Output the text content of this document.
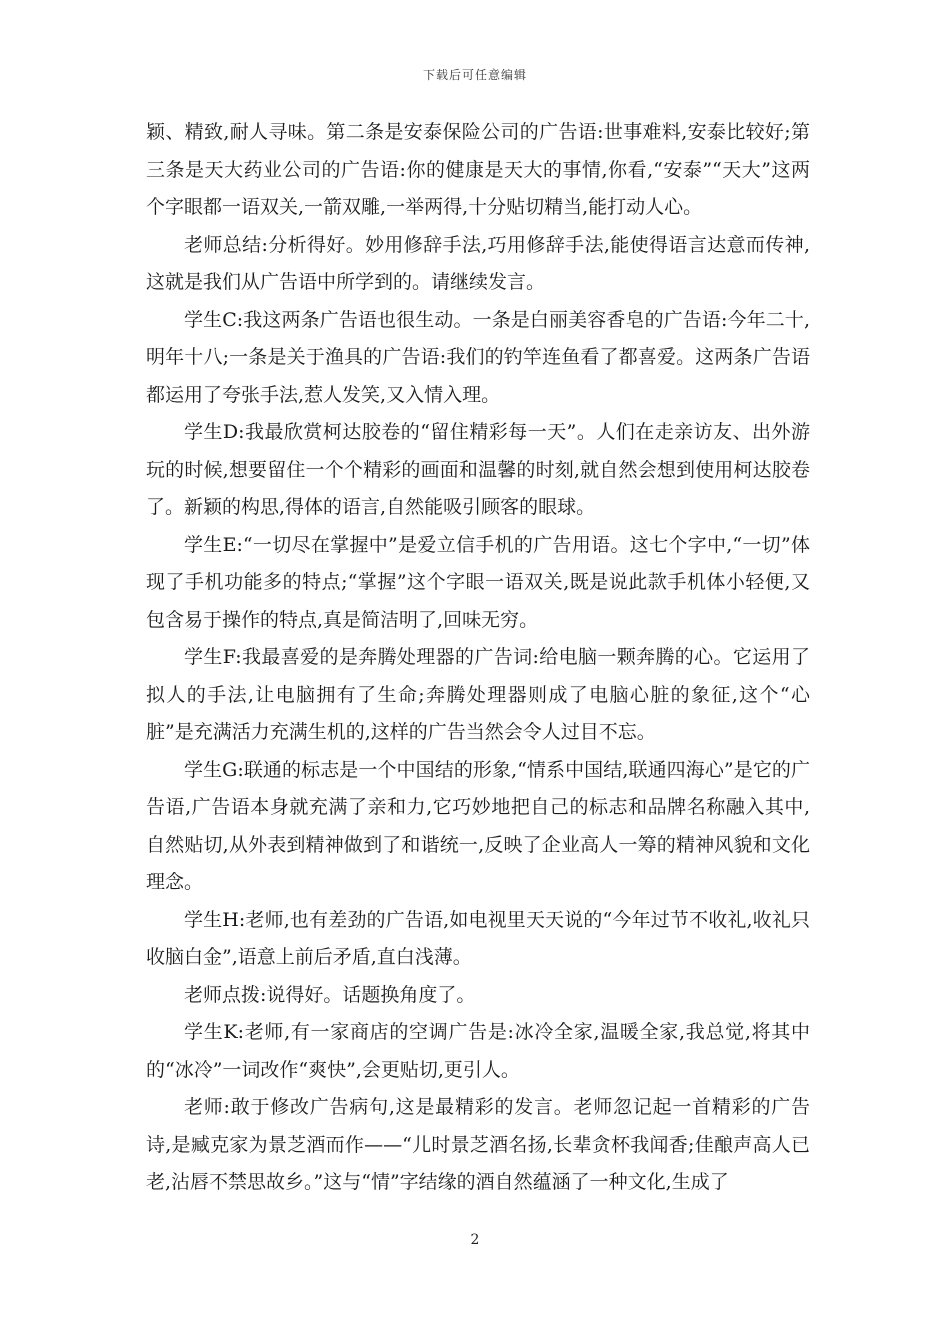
下载后可任意编辑

颖、精致,耐人寻味。第二条是安泰保险公司的广告语:世事难料,安泰比较好;第三条是天大药业公司的广告语:你的健康是天大的事情,你看,“安泰”“天大”这两个字眼都一语双关,一箭双雕,一举两得,十分贴切精当,能打动人心。

老师总结:分析得好。妙用修辞手法,巧用修辞手法,能使得语言达意而传神,这就是我们从广告语中所学到的。请继续发言。

学生C:我这两条广告语也很生动。一条是白丽美容香皂的广告语:今年二十,明年十八;一条是关于渔具的广告语:我们的钓竿连鱼看了都喜爱。这两条广告语都运用了夸张手法,惹人发笑,又入情入理。

学生D:我最欣赏柯达胶卷的“留住精彩每一天”。人们在走亲访友、出外游玩的时候,想要留住一个个精彩的画面和温馨的时刻,就自然会想到使用柯达胶卷了。新颖的构思,得体的语言,自然能吸引顾客的眼球。

学生E:“一切尽在掌握中”是爱立信手机的广告用语。这七个字中,“一切”体现了手机功能多的特点;“掌握”这个字眼一语双关,既是说此款手机体小轻便,又包含易于操作的特点,真是简洁明了,回味无穷。

学生F:我最喜爱的是奔腾处理器的广告词:给电脑一颗奔腾的心。它运用了拟人的手法,让电脑拥有了生命;奔腾处理器则成了电脑心脏的象征,这个“心脏”是充满活力充满生机的,这样的广告当然会令人过目不忘。

学生G:联通的标志是一个中国结的形象,“情系中国结,联通四海心”是它的广告语,广告语本身就充满了亲和力,它巧妙地把自己的标志和品牌名称融入其中,自然贴切,从外表到精神做到了和谐统一,反映了企业高人一筹的精神风貌和文化理念。

学生H:老师,也有差劲的广告语,如电视里天天说的“今年过节不收礼,收礼只收脑白金”,语意上前后矛盾,直白浅薄。

老师点拨:说得好。话题换角度了。

学生K:老师,有一家商店的空调广告是:冰冷全家,温暖全家,我总觉,将其中的“冰冷”一词改作“爽快”,会更贴切,更引人。

老师:敢于修改广告病句,这是最精彩的发言。老师忽记起一首精彩的广告诗,是臧克家为景芝酒而作——“儿时景芝酒名扬,长辈贪杯我闻香;佳酿声高人已老,沾唇不禁思故乡。”这与“情”字结缘的酒自然蕴涵了一种文化,生成了

2
